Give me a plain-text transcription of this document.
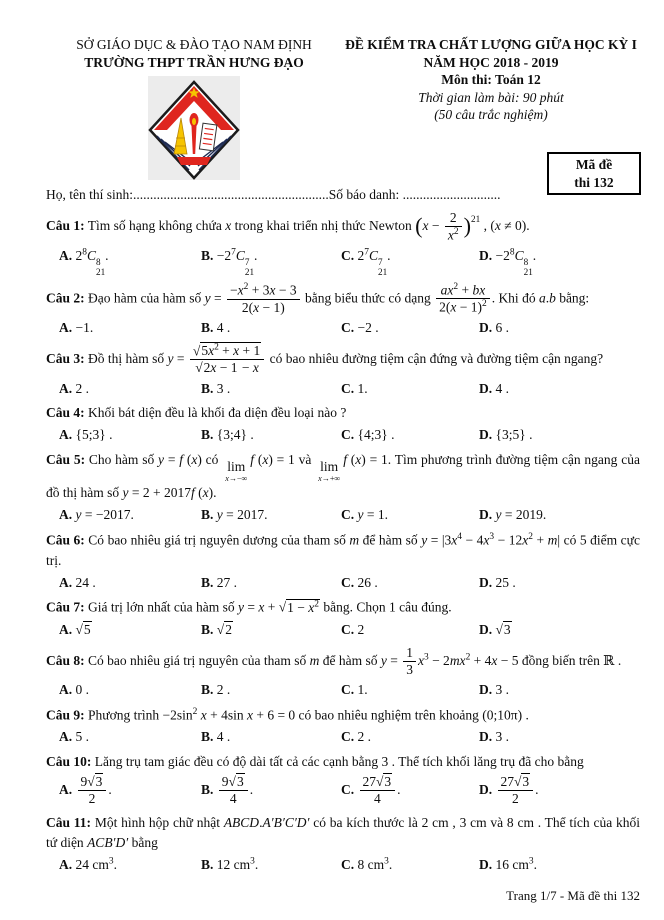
SỞ GIÁO DỤC & ĐÀO TẠO NAM ĐỊNH
TRƯỜNG THPT TRẦN HƯNG ĐẠO
ĐỀ KIỂM TRA CHẤT LƯỢNG GIỮA HỌC KỲ I
NĂM HỌC 2018 - 2019
Môn thi: Toán 12
Thời gian làm bài: 90 phút
(50 câu trắc nghiệm)
Mã đề
thi 132
Họ, tên thí sinh:..........................................................Số báo danh: .............................
Câu 1: Tìm số hạng không chứa x trong khai triển nhị thức Newton $(x - \frac{2}{x^2} )^{21}$ , (x ≠ 0).
A. $2^8C$ 8
21
.	B. $-2^7C$ 7
21
.	C. $2^7C$ 7
21
.	D. $-2^8C$ 8
21
.
Câu 2: Đạo hàm của hàm số $y = \frac{-x^2 + 3x - 3}{2(x - 1)}$ bằng biểu thức có dạng $\frac{ax^2 + bx}{2(x - 1)^2}$ . Khi đó a.b bằng:
A. −1.	B. 4 .	C. −2 .	D. 6 .
Câu 3: Đồ thị hàm số $y = \frac{√5x^2 + x + 1}{√2x - 1 - x}$ có bao nhiêu đường tiệm cận đứng và đường tiệm cận ngang?
A. 2 .	B. 3 .	C. 1.	D. 4 .
Câu 4: Khối bát diện đều là khối đa diện đều loại nào ?
A. {5;3} .	B. {3;4} .	C. {4;3} .	D. {3;5} .
Câu 5: Cho hàm số y = f (x) có lim
x→−∞
f (x) = 1 và lim
x→+∞
f (x) = 1. Tìm phương trình đường tiệm cận ngang của đồ thị hàm số y = 2 + 2017f (x).
A. y = −2017.	B. y = 2017.	C. y = 1.	D. y = 2019.
Câu 6: Có bao nhiêu giá trị nguyên dương của tham số m để hàm số $y = |3x^4 - 4x^3 - 12x^2 + m|$ có 5 điểm cực trị.
A. 24 .	B. 27 .	C. 26 .	D. 25 .
Câu 7: Giá trị lớn nhất của hàm số $y = x + √1 - x^2$ bằng. Chọn 1 câu đúng.
A. √5	B. √2	C. 2	D. √3
Câu 8: Có bao nhiêu giá trị nguyên của tham số m để hàm số $y = \frac{1}{3} x^3 - 2mx^2 + 4x - 5$ đồng biến trên ℝ .
A. 0 .	B. 2 .	C. 1.	D. 3 .
Câu 9: Phương trình $-2\sin^2$ x + 4sin x + 6 = 0 có bao nhiêu nghiệm trên khoảng (0;10π) .
A. 5 .	B. 4 .	C. 2 .	D. 3 .
Câu 10: Lăng trụ tam giác đều có độ dài tất cả các cạnh bằng 3 . Thể tích khối lăng trụ đã cho bằng
A. $\frac{9√3}{2}$ .	B. $\frac{9√3}{4}$ .	C. $\frac{27√3}{4}$ .	D. $\frac{27√3}{2}$ .
Câu 11: Một hình hộp chữ nhật ABCD.A′B′C′D′ có ba kích thước là 2 cm , 3 cm và 8 cm . Thể tích của khối tứ diện ACB′D′ bằng
A. 24 $cm^3$.	B. 12 $cm^3$.	C. 8 $cm^3$.	D. 16 $cm^3$.
Trang 1/7 - Mã đề thi 132
